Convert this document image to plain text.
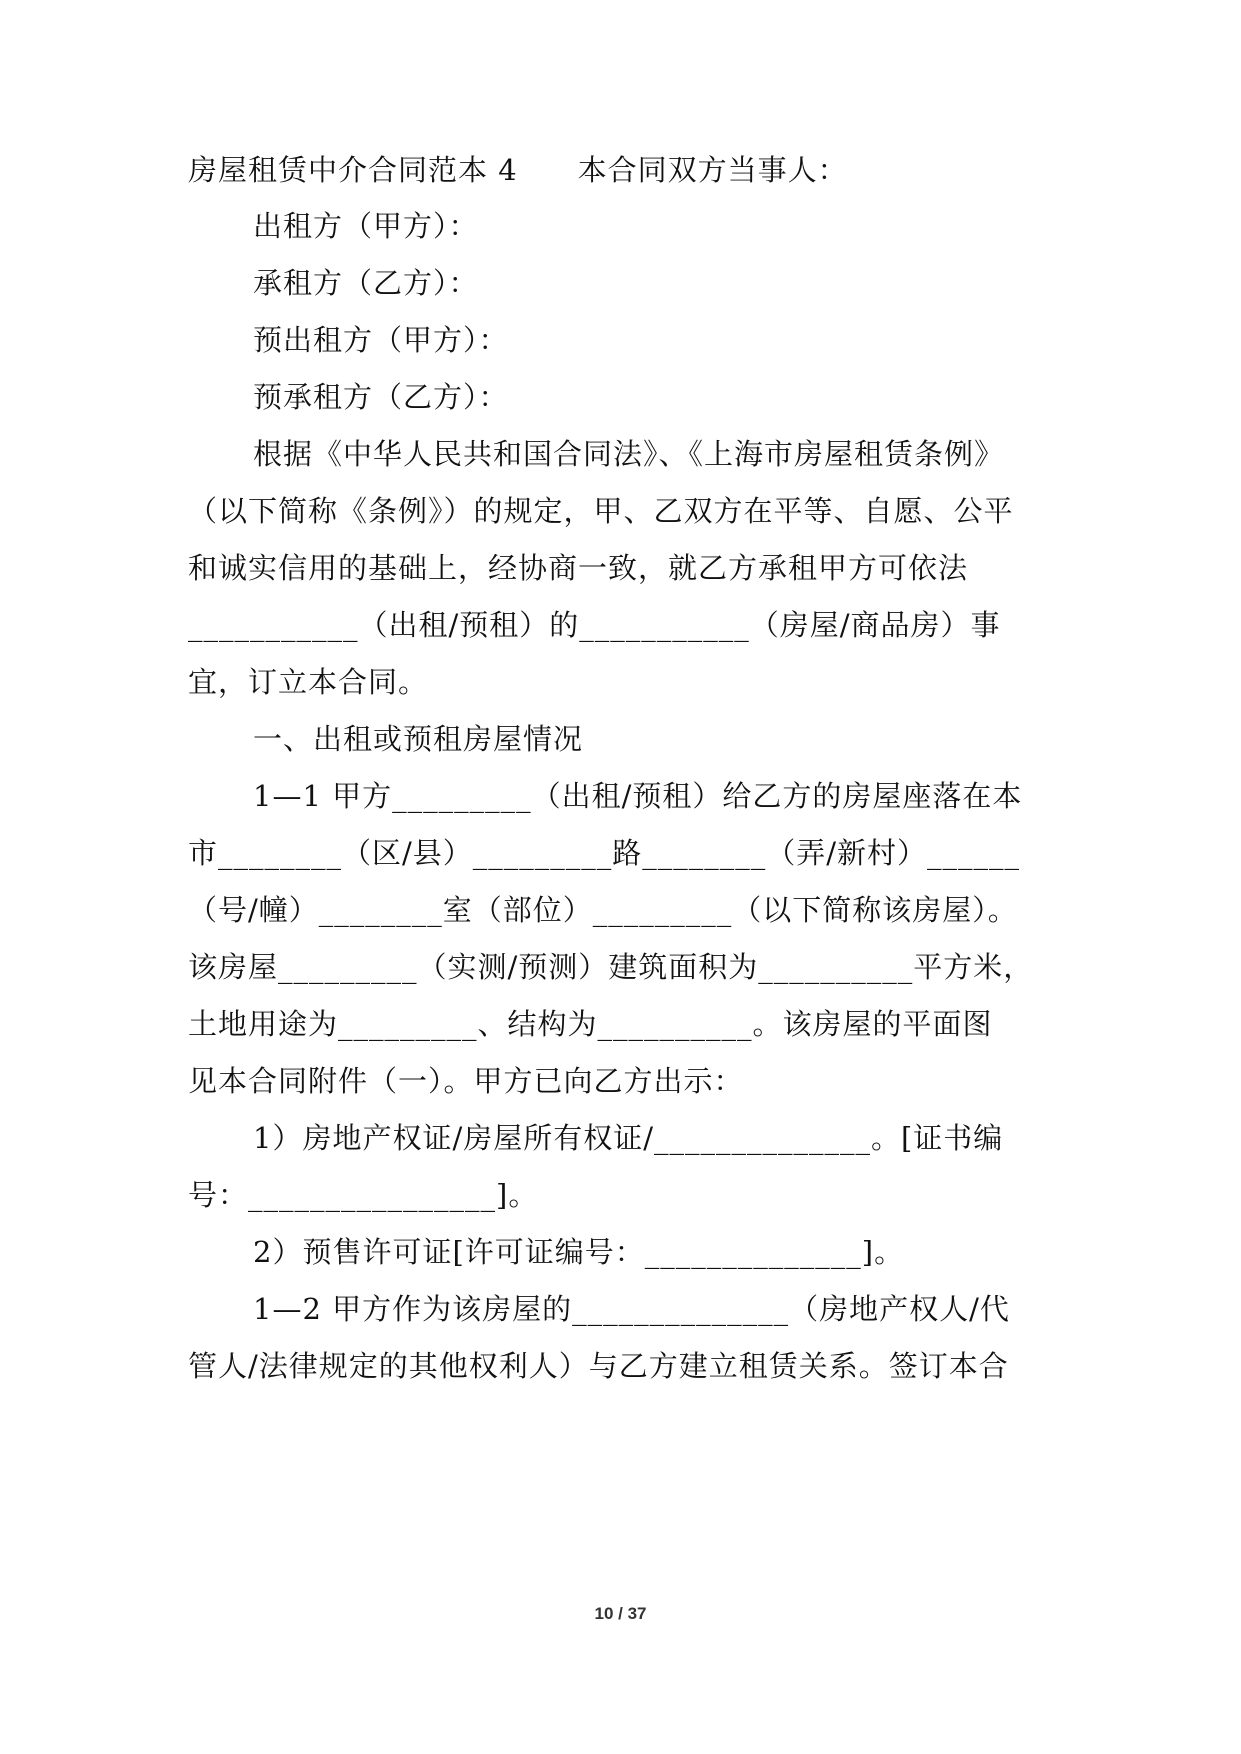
房屋租赁中介合同范本 4　　本合同双方当事人：
出租方（甲方）：
承租方（乙方）：
预出租方（甲方）：
预承租方（乙方）：
根据《中华人民共和国合同法》、《上海市房屋租赁条例》
（以下简称《条例》）的规定，甲、乙双方在平等、自愿、公平
和诚实信用的基础上，经协商一致，就乙方承租甲方可依法
___________（出租/预租）的___________（房屋/商品房）事
宜，订立本合同。
一、出租或预租房屋情况
1—1 甲方_________（出租/预租）给乙方的房屋座落在本
市________（区/县）_________路________（弄/新村）______
（号/幢）________室（部位）_________（以下简称该房屋）。
该房屋_________（实测/预测）建筑面积为__________平方米，
土地用途为_________、结构为__________。该房屋的平面图
见本合同附件（一）。甲方已向乙方出示：
1）房地产权证/房屋所有权证/______________。[证书编
号：________________]。
2）预售许可证[许可证编号：______________]。
1—2 甲方作为该房屋的______________（房地产权人/代
管人/法律规定的其他权利人）与乙方建立租赁关系。签订本合
10 / 37
